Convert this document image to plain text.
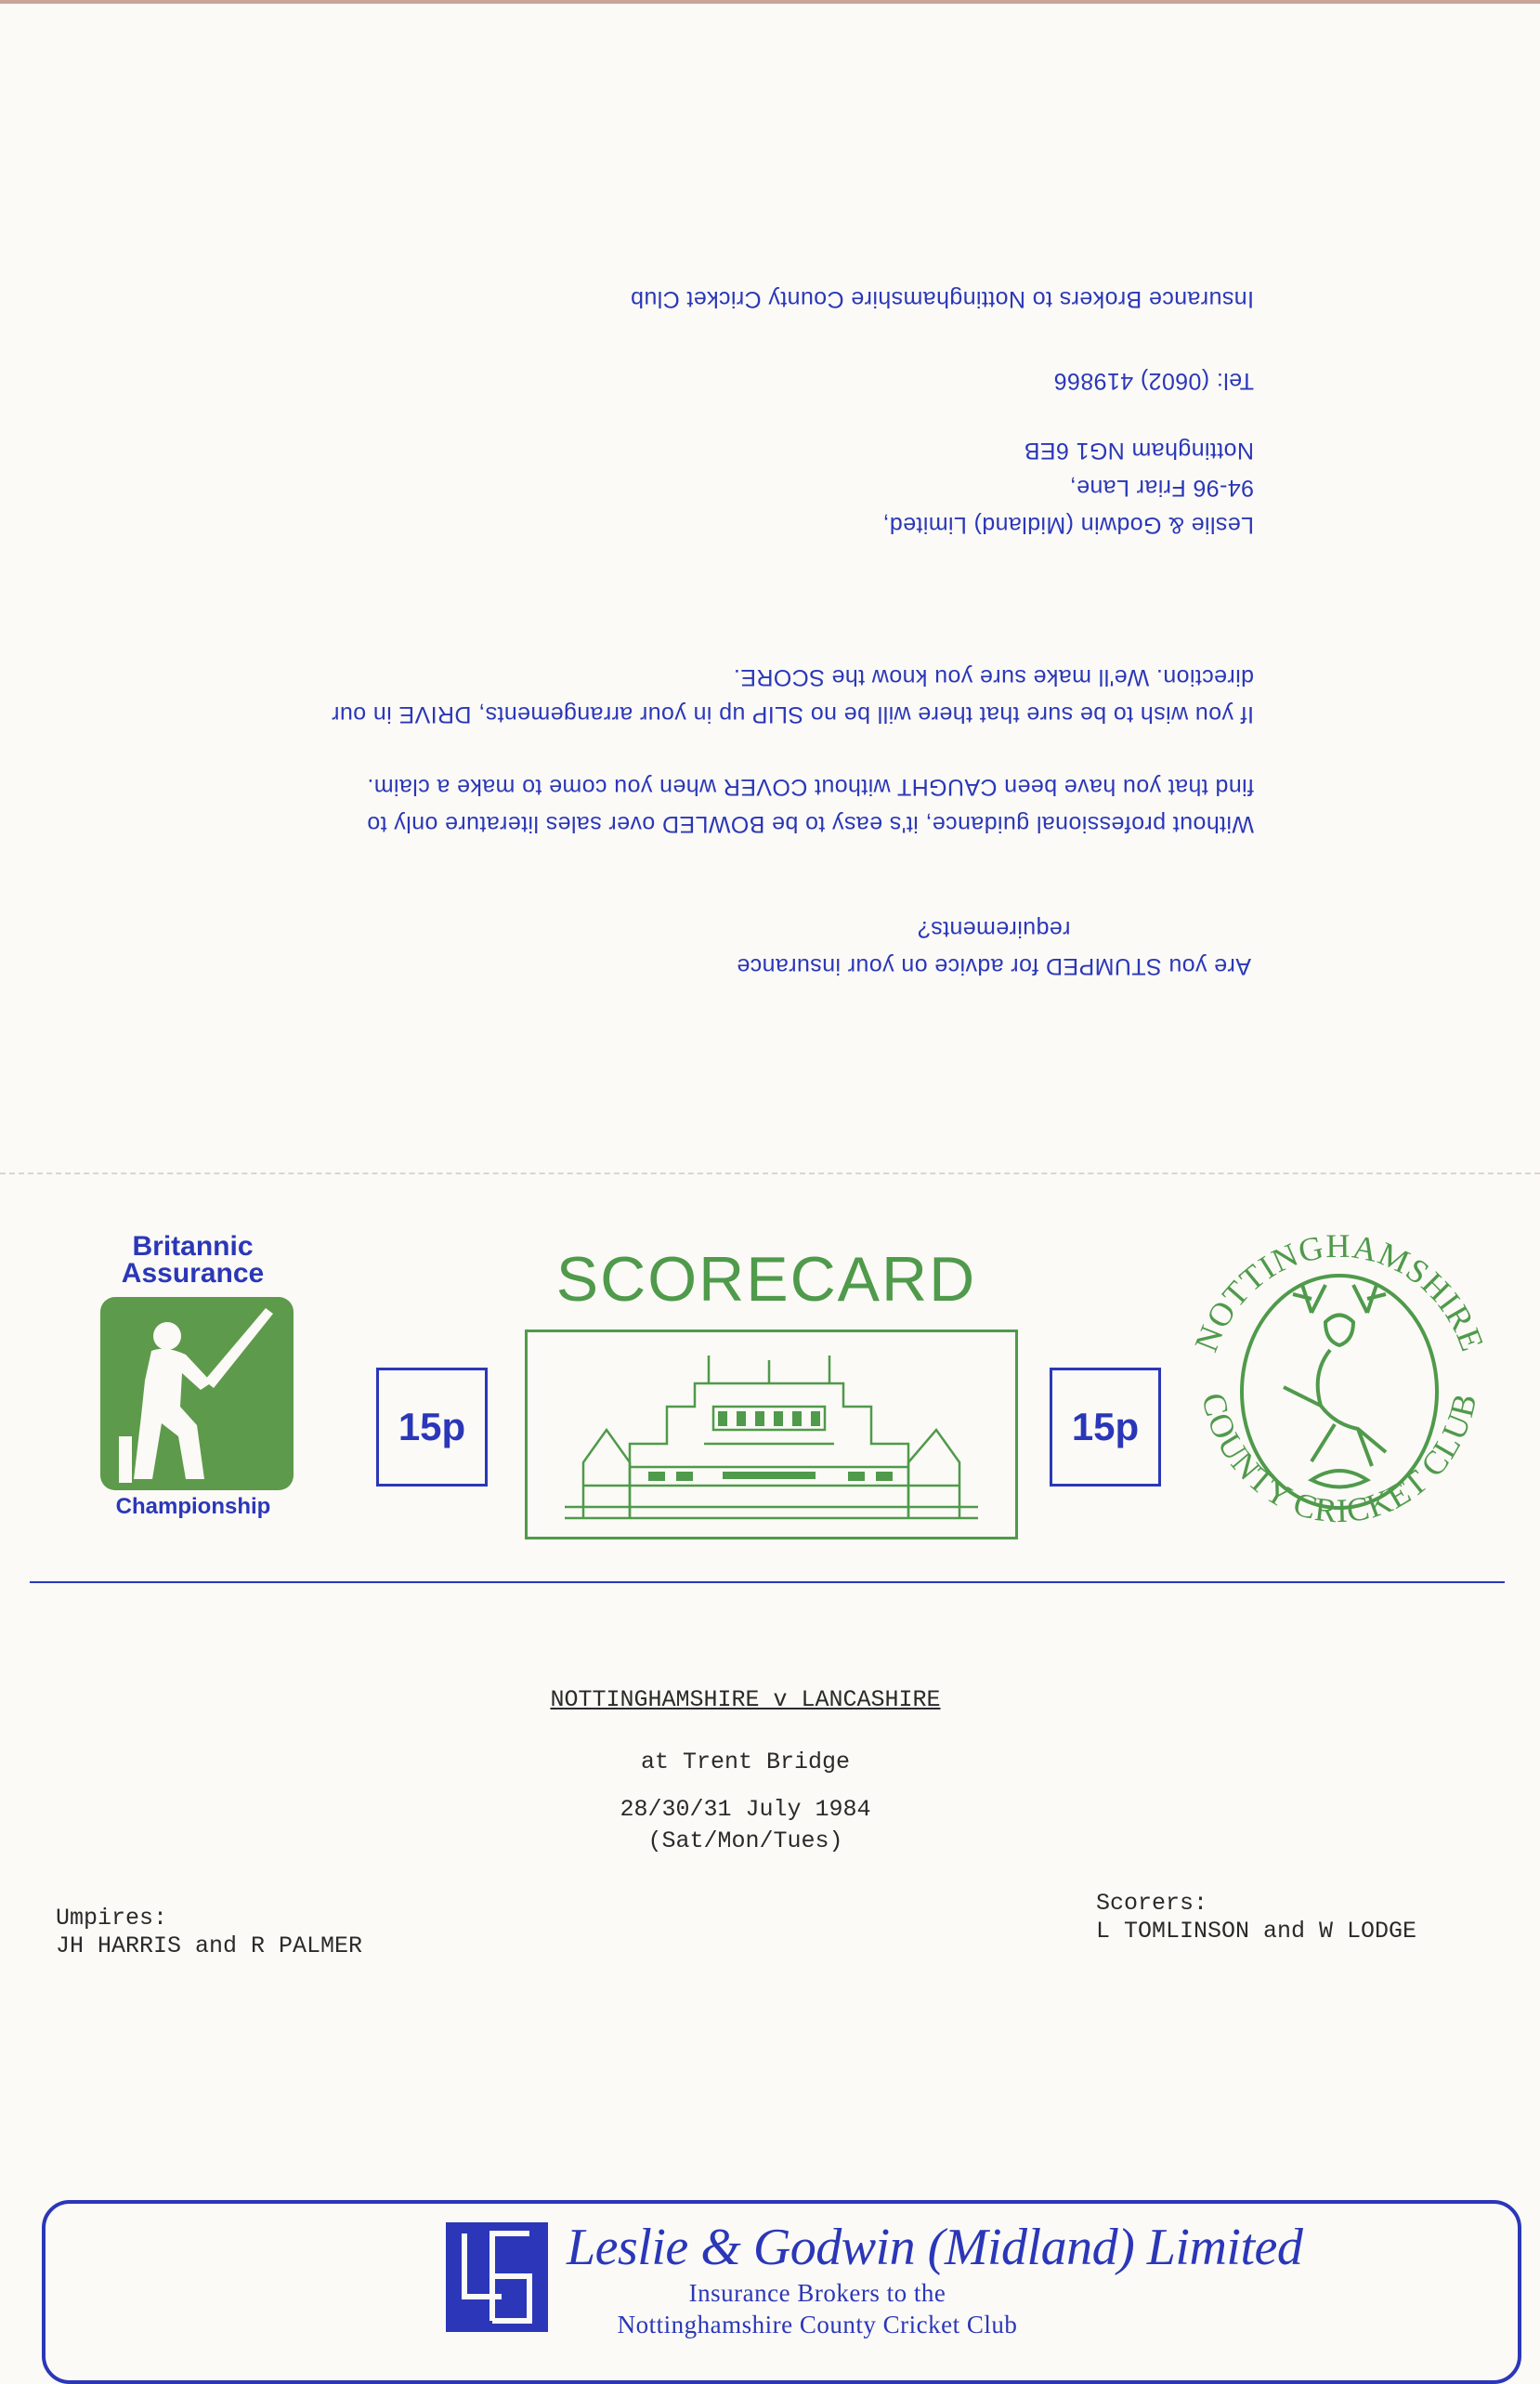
Are you STUMPED for advice on your insurance requirements?

Without professional guidance, it's easy to be BOWLED over sales literature only to find that you have been CAUGHT without COVER when you come to make a claim.

If you wish to be sure that there will be no SLIP up in your arrangements, DRIVE in our direction. We'll make sure you know the SCORE.

Leslie & Godwin (Midland) Limited,
94-96 Friar Lane,
Nottingham NG1 6EB
Tel: (0602) 419866
Insurance Brokers to Nottinghamshire County Cricket Club
Britannic
Assurance
Championship
15p
SCORECARD
15p
NOTTINGHAMSHIRE
COUNTY CRICKET CLUB
NOTTINGHAMSHIRE v LANCASHIRE
at Trent Bridge
28/30/31 July 1984
(Sat/Mon/Tues)
Umpires:
JH HARRIS and R PALMER
Scorers:
L TOMLINSON and W LODGE
Leslie & Godwin (Midland) Limited
Insurance Brokers to the
Nottinghamshire County Cricket Club
